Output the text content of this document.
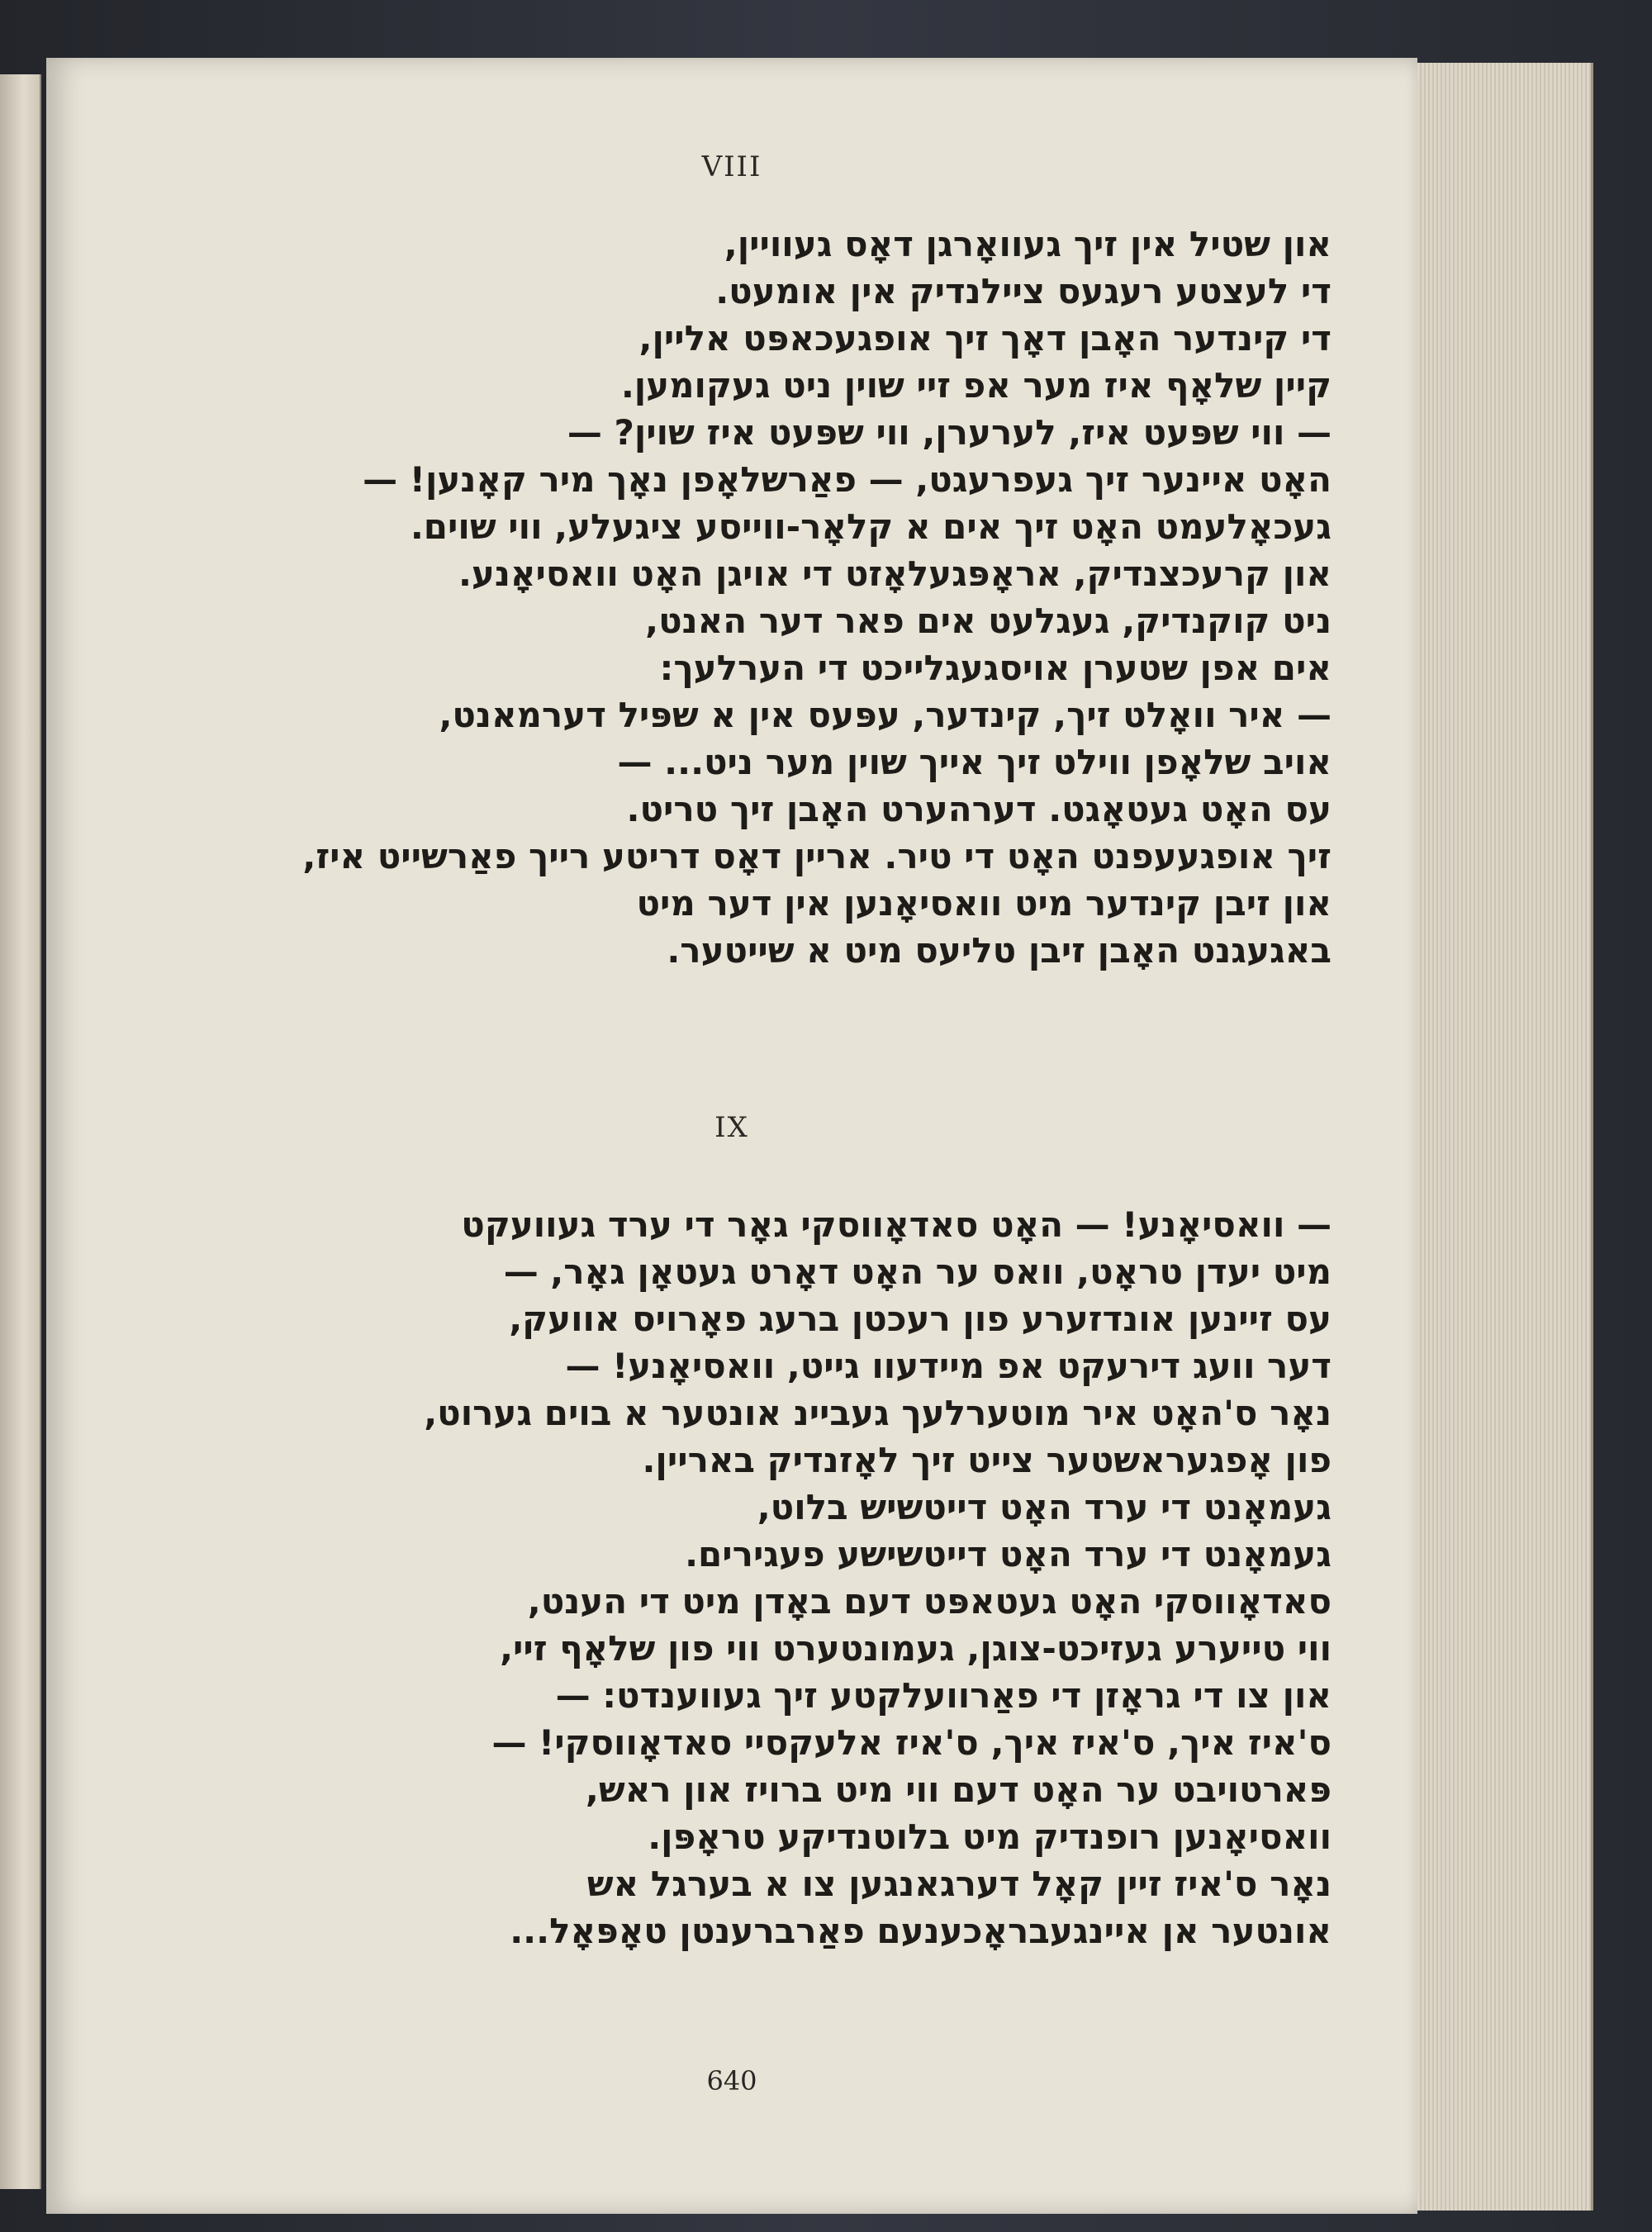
VIII
און שטיל אין זיך געוואָרגן דאָס געוויין,
די לעצטע רעגעס ציילנדיק אין אומעט.
די קינדער האָבן דאָך זיך אופגעכאפּט אליין,
קיין שלאָף איז מער אפ זיי שוין ניט געקומען.
— ווי שפּעט איז, לערערן, ווי שפּעט איז שוין? —
האָט איינער זיך געפרעגט, — פאַרשלאָפן נאָך מיר קאָנען! —
געכאָלעמט האָט זיך אים א קלאָר-ווייסע ציגעלע, ווי שוים.
און קרעכצנדיק, אראָפּגעלאָזט די אויגן האָט וואסיאָנע.
ניט קוקנדיק, געגלעט אים פאר דער האנט,
אים אפן שטערן אויסגעגלייכט די הערלעך:
— איר וואָלט זיך, קינדער, עפּעס אין א שפּיל דערמאנט,
אויב שלאָפן ווילט זיך אייך שוין מער ניט... —
עס האָט געטאָגט. דערהערט האָבן זיך טריט.
זיך אופגעעפנט האָט די טיר. אריין דאָס דריטע רייך פאַרשייט איז,
און זיבן קינדער מיט וואסיאָנען אין דער מיט
באגעגנט האָבן זיבן טליעס מיט א שייטער.
IX
— וואסיאָנע! — האָט סאדאָווסקי גאָר די ערד געוועקט
מיט יעדן טראָט, וואס ער האָט דאָרט געטאָן גאָר, —
עס זיינען אונדזערע פון רעכטן ברעג פאָרויס אוועק,
דער וועג דירעקט אפ מיידעוו גייט, וואסיאָנע! —
נאָר ס'האָט איר מוטערלעך געביינ אונטער א בוים גערוט,
פון אָפגעראשטער צייט זיך לאָזנדיק באריין.
געמאָנט די ערד האָט דייטשיש בלוט,
געמאָנט די ערד האָט דייטשישע פעגירים.
סאדאָווסקי האָט געטאפּט דעם באָדן מיט די הענט,
ווי טייערע געזיכט-צוגן, געמונטערט ווי פון שלאָף זיי,
און צו די גראָזן די פאַרוועלקטע זיך געווענדט: —
ס'איז איך, ס'איז איך, ס'איז אלעקסיי סאדאָווסקי! —
פּארטויבט ער האָט דעם ווי מיט ברויז און ראש,
וואסיאָנען רופנדיק מיט בלוטנדיקע טראָפּן.
נאָר ס'איז זיין קאָל דערגאנגען צו א בערגל אש
אונטער אן איינגעבראָכענעם פאַרברענטן טאָפּאָל...
640
